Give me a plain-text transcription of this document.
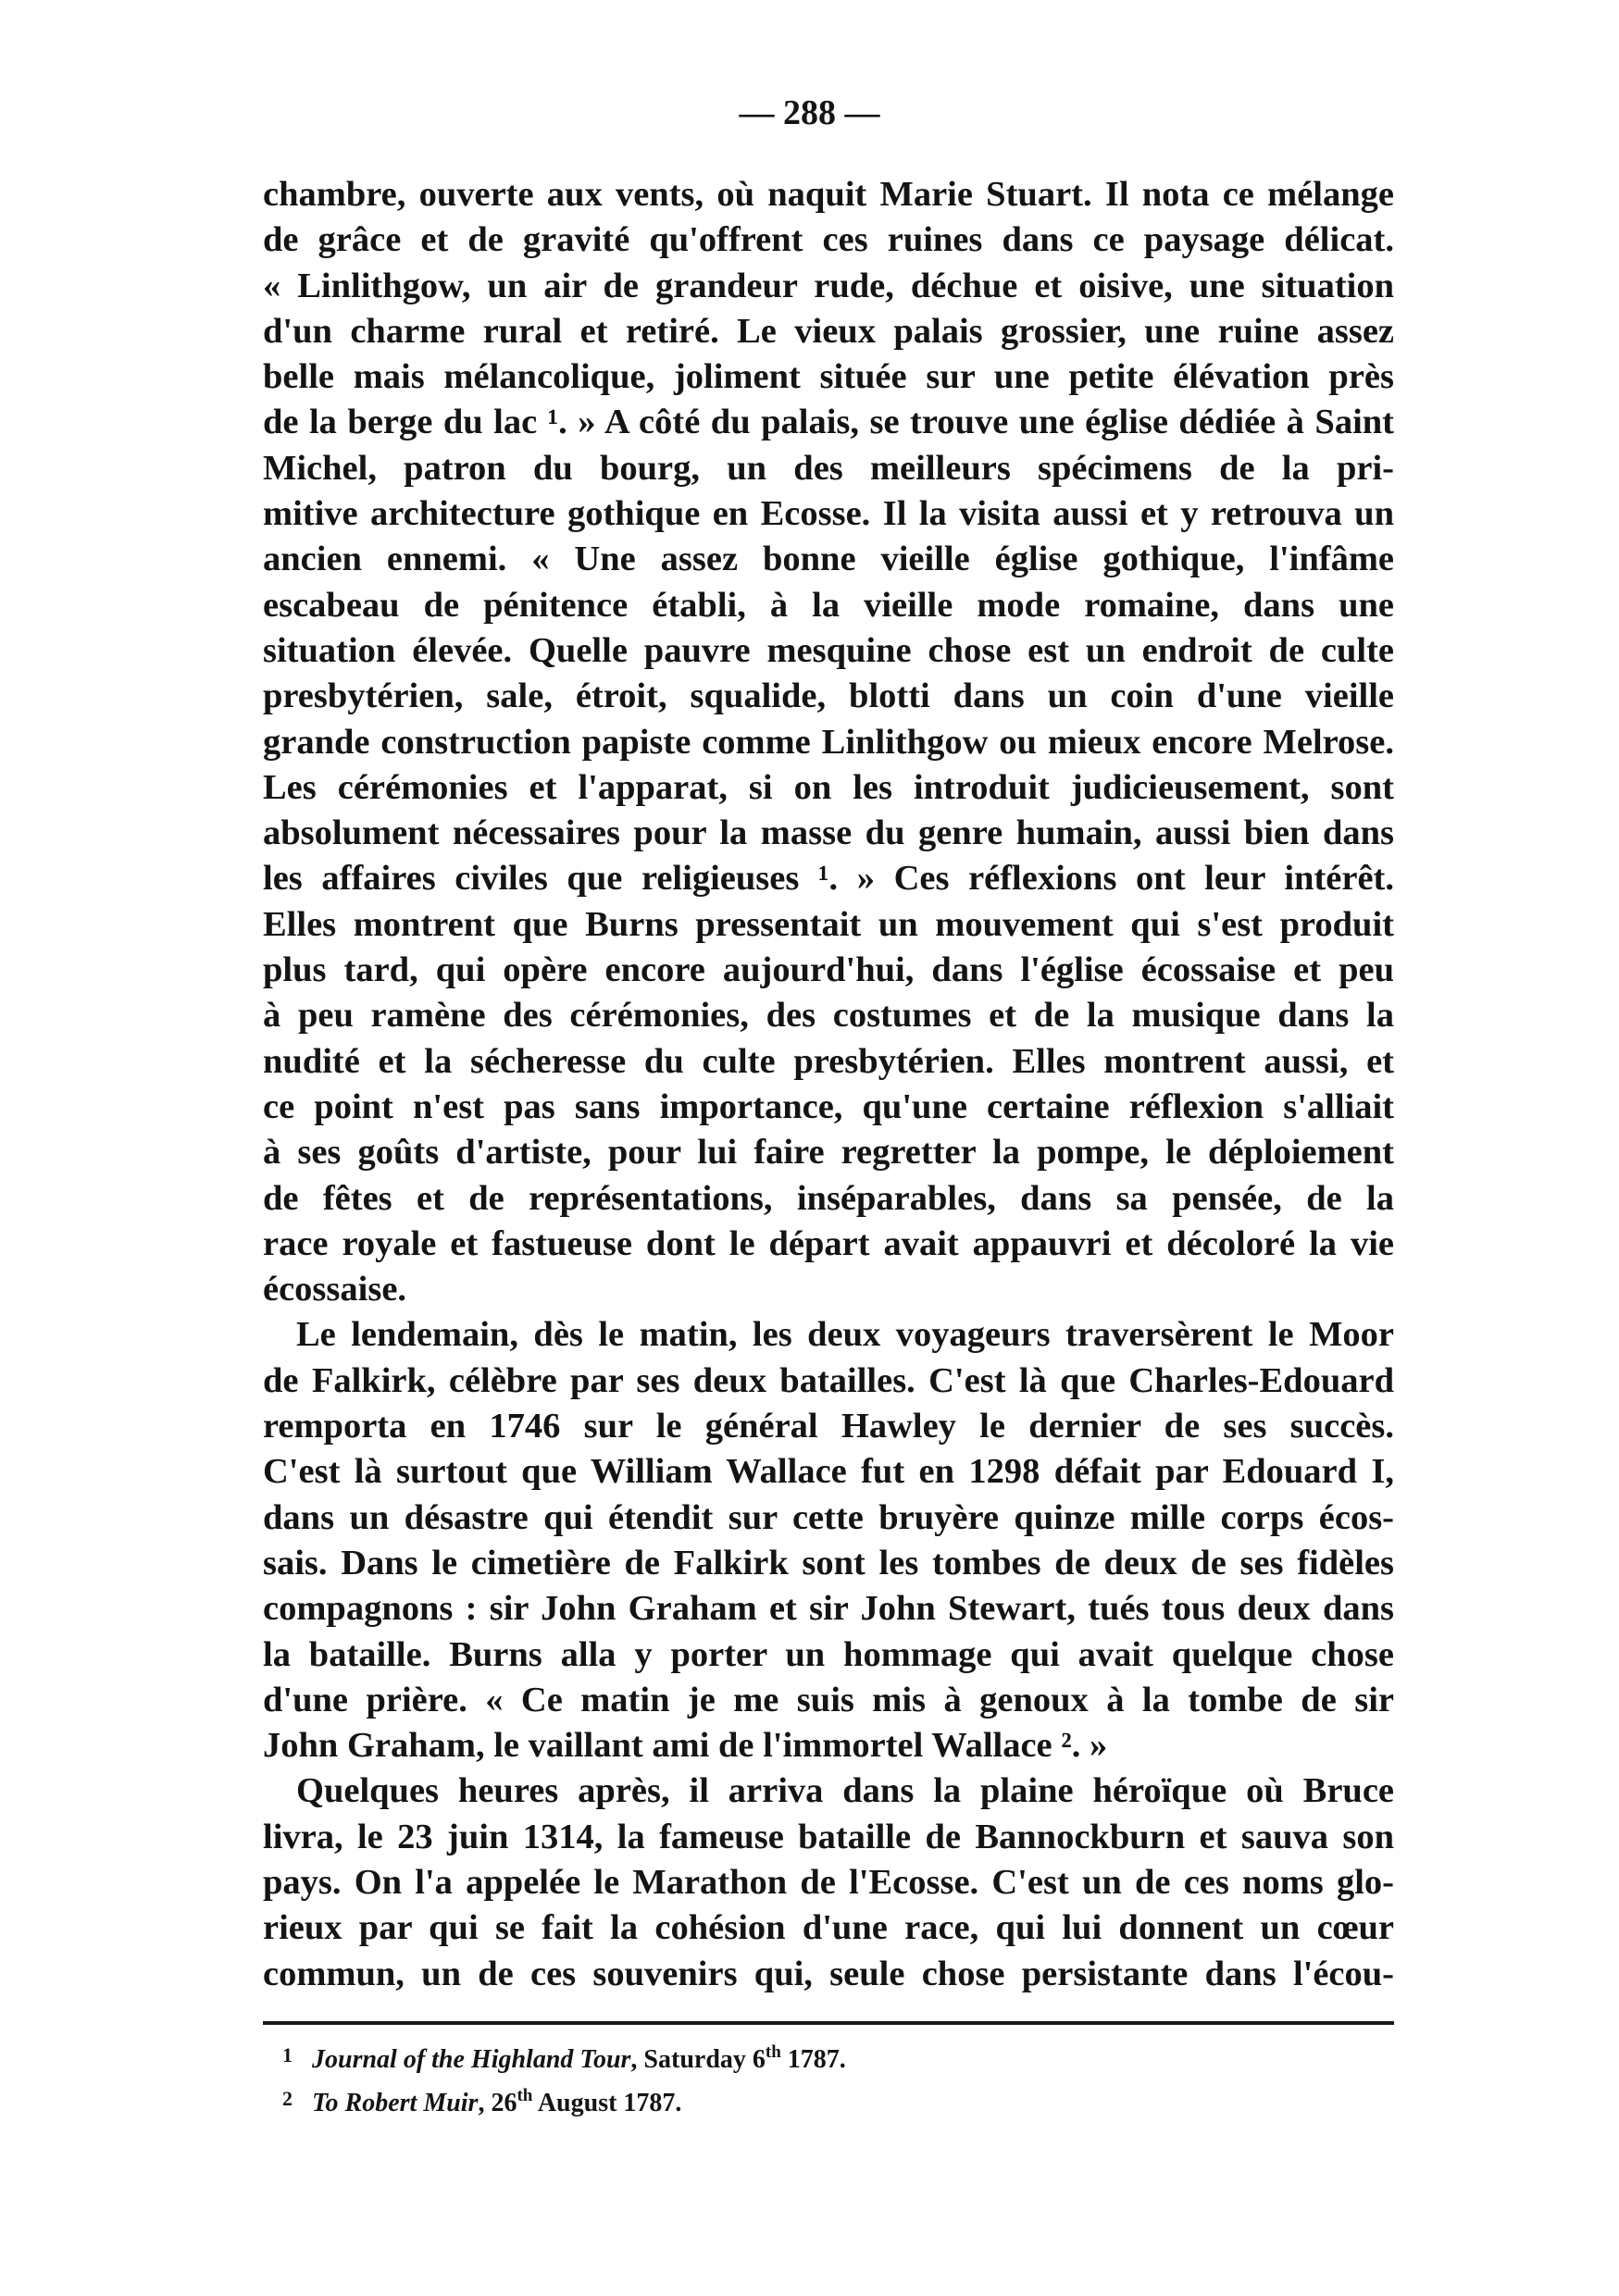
— 288 —
chambre, ouverte aux vents, où naquit Marie Stuart. Il nota ce mélange
de grâce et de gravité qu'offrent ces ruines dans ce paysage délicat.
« Linlithgow, un air de grandeur rude, déchue et oisive, une situation
d'un charme rural et retiré. Le vieux palais grossier, une ruine assez
belle mais mélancolique, joliment située sur une petite élévation près
de la berge du lac ¹. » A côté du palais, se trouve une église dédiée à Saint
Michel, patron du bourg, un des meilleurs spécimens de la pri-
mitive architecture gothique en Ecosse. Il la visita aussi et y retrouva un
ancien ennemi. « Une assez bonne vieille église gothique, l'infâme
escabeau de pénitence établi, à la vieille mode romaine, dans une
situation élevée. Quelle pauvre mesquine chose est un endroit de culte
presbytérien, sale, étroit, squalide, blotti dans un coin d'une vieille
grande construction papiste comme Linlithgow ou mieux encore Melrose.
Les cérémonies et l'apparat, si on les introduit judicieusement, sont
absolument nécessaires pour la masse du genre humain, aussi bien dans
les affaires civiles que religieuses ¹. » Ces réflexions ont leur intérêt.
Elles montrent que Burns pressentait un mouvement qui s'est produit
plus tard, qui opère encore aujourd'hui, dans l'église écossaise et peu
à peu ramène des cérémonies, des costumes et de la musique dans la
nudité et la sécheresse du culte presbytérien. Elles montrent aussi, et
ce point n'est pas sans importance, qu'une certaine réflexion s'alliait
à ses goûts d'artiste, pour lui faire regretter la pompe, le déploiement
de fêtes et de représentations, inséparables, dans sa pensée, de la
race royale et fastueuse dont le départ avait appauvri et décoloré la vie
écossaise.
Le lendemain, dès le matin, les deux voyageurs traversèrent le Moor
de Falkirk, célèbre par ses deux batailles. C'est là que Charles-Edouard
remporta en 1746 sur le général Hawley le dernier de ses succès.
C'est là surtout que William Wallace fut en 1298 défait par Edouard I,
dans un désastre qui étendit sur cette bruyère quinze mille corps écos-
sais. Dans le cimetière de Falkirk sont les tombes de deux de ses fidèles
compagnons : sir John Graham et sir John Stewart, tués tous deux dans
la bataille. Burns alla y porter un hommage qui avait quelque chose
d'une prière. « Ce matin je me suis mis à genoux à la tombe de sir
John Graham, le vaillant ami de l'immortel Wallace ². »
Quelques heures après, il arriva dans la plaine héroïque où Bruce
livra, le 23 juin 1314, la fameuse bataille de Bannockburn et sauva son
pays. On l'a appelée le Marathon de l'Ecosse. C'est un de ces noms glo-
rieux par qui se fait la cohésion d'une race, qui lui donnent un cœur
commun, un de ces souvenirs qui, seule chose persistante dans l'écou-
1 Journal of the Highland Tour, Saturday 6th 1787.
2 To Robert Muir, 26th August 1787.
